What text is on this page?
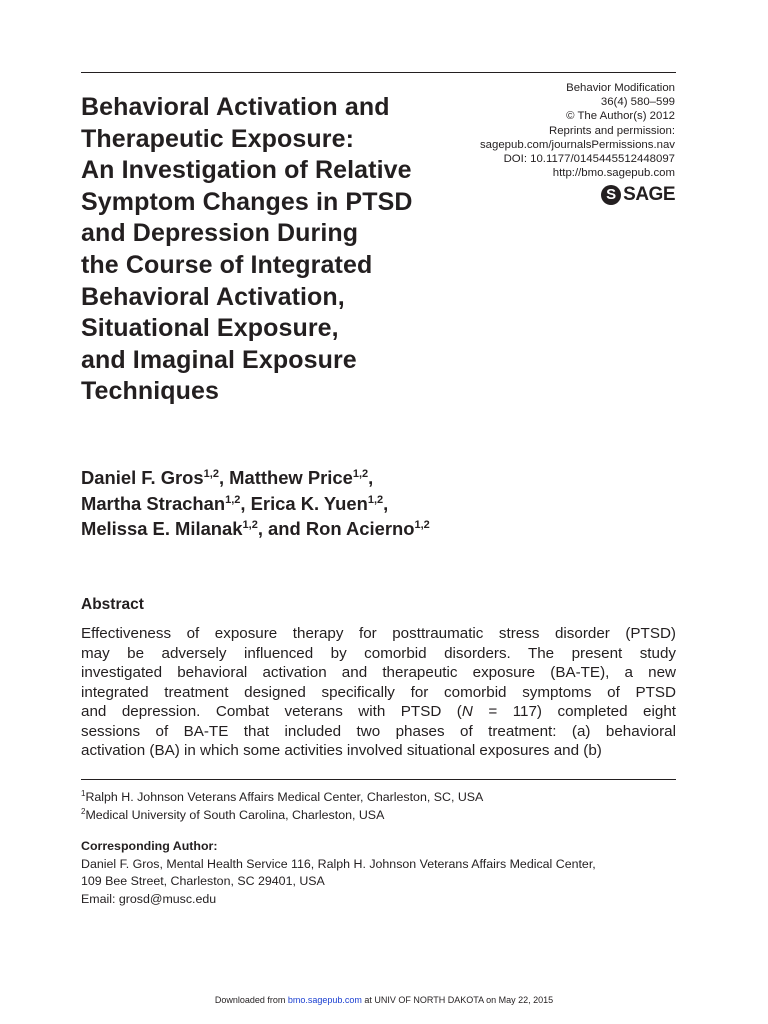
Behavioral Activation and
Therapeutic Exposure:
An Investigation of Relative
Symptom Changes in PTSD
and Depression During
the Course of Integrated
Behavioral Activation,
Situational Exposure,
and Imaginal Exposure
Techniques
Behavior Modification
36(4) 580–599
© The Author(s) 2012
Reprints and permission:
sagepub.com/journalsPermissions.nav
DOI: 10.1177/0145445512448097
http://bmo.sagepub.com
S SAGE
Daniel F. Gros$^{1,2}$, Matthew Price$^{1,2}$,
Martha Strachan$^{1,2}$, Erica K. Yuen$^{1,2}$,
Melissa E. Milanak$^{1,2}$, and Ron Acierno$^{1,2}$
Abstract
Effectiveness of exposure therapy for posttraumatic stress disorder (PTSD)
may be adversely influenced by comorbid disorders. The present study
investigated behavioral activation and therapeutic exposure (BA-TE), a new
integrated treatment designed specifically for comorbid symptoms of PTSD
and depression. Combat veterans with PTSD (N = 117) completed eight
sessions of BA-TE that included two phases of treatment: (a) behavioral
activation (BA) in which some activities involved situational exposures and (b)
$^1$Ralph H. Johnson Veterans Affairs Medical Center, Charleston, SC, USA
$^2$Medical University of South Carolina, Charleston, USA
Corresponding Author:
Daniel F. Gros, Mental Health Service 116, Ralph H. Johnson Veterans Affairs Medical Center,
109 Bee Street, Charleston, SC 29401, USA
Email: grosd@musc.edu
Downloaded from bmo.sagepub.com at UNIV OF NORTH DAKOTA on May 22, 2015
